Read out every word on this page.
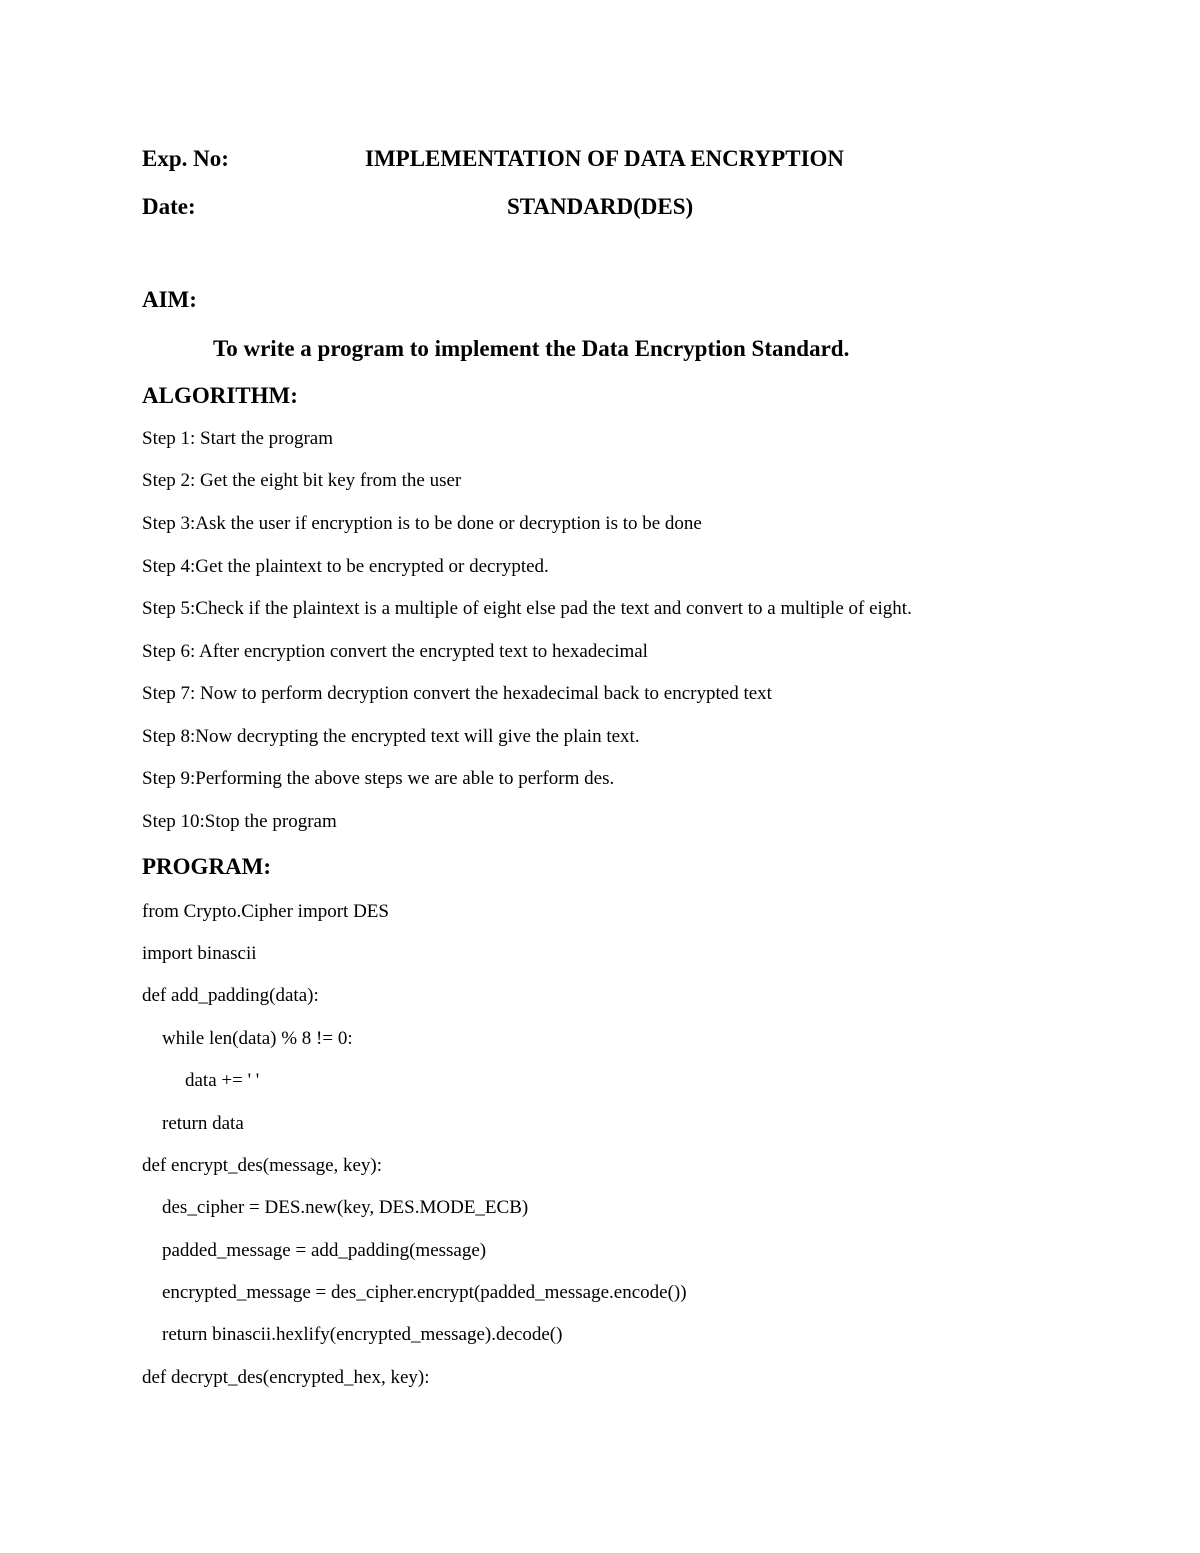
Exp. No:	IMPLEMENTATION OF DATA ENCRYPTION
Date:	STANDARD(DES)
AIM:
To write a program to implement the Data Encryption Standard.
ALGORITHM:
Step 1: Start the program
Step 2: Get the eight bit key from the user
Step 3:Ask the user if encryption is to be done or decryption is to be done
Step 4:Get the plaintext to be encrypted or decrypted.
Step 5:Check if the plaintext is a multiple of eight else pad the text and convert to a multiple of eight.
Step 6: After encryption convert the encrypted text to hexadecimal
Step 7: Now to perform decryption convert the hexadecimal back to encrypted text
Step 8:Now decrypting the encrypted text will give the plain text.
Step 9:Performing the above steps we are able to perform des.
Step 10:Stop the program
PROGRAM:
from Crypto.Cipher import DES
import binascii
def add_padding(data):
while len(data) % 8 != 0:
data += ' '
return data
def encrypt_des(message, key):
des_cipher = DES.new(key, DES.MODE_ECB)
padded_message = add_padding(message)
encrypted_message = des_cipher.encrypt(padded_message.encode())
return binascii.hexlify(encrypted_message).decode()
def decrypt_des(encrypted_hex, key):
